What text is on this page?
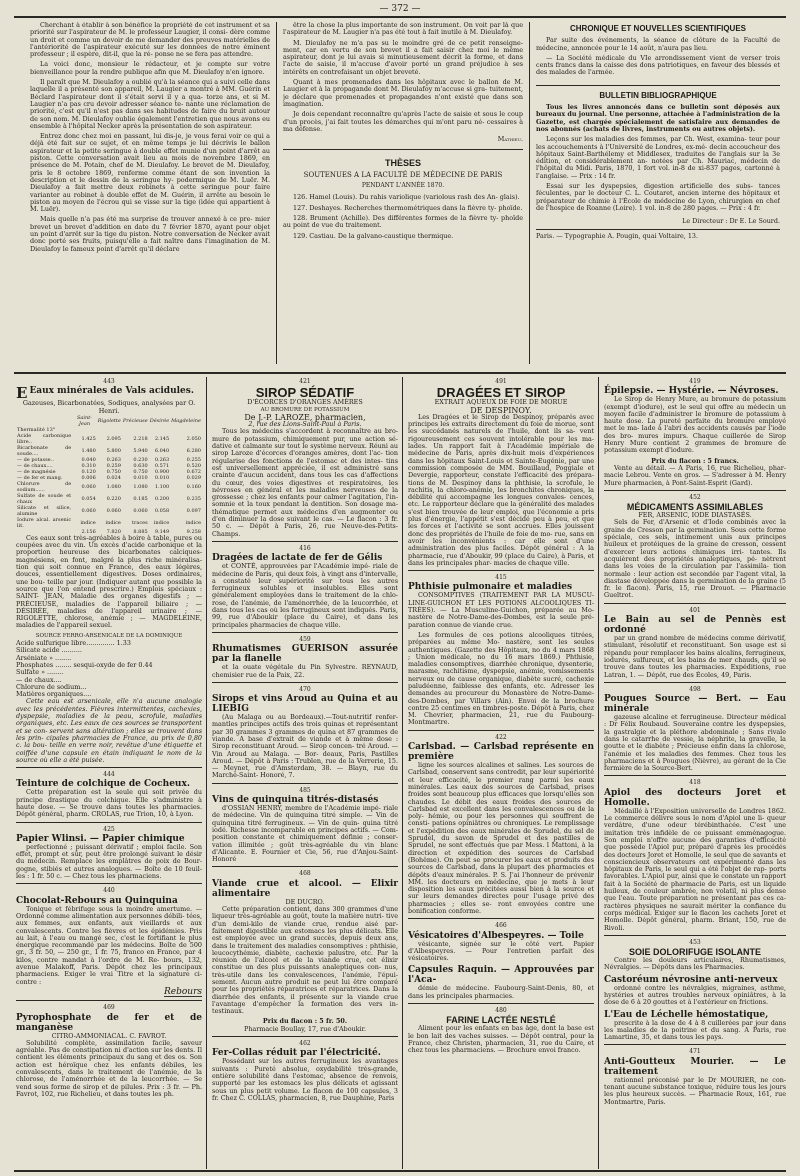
— 372 —

Cherchant à établir à son bénéfice la propriété de cet instrument et sa priorité sur l'aspirateur de M. le professeur Laugier, il consi- dère comme un droit et comme un devoir de me demander des preuves matérielles de l'antériorité de l'aspirateur exécuté sur les données de notre éminent professeur ; il espère, dit-il, que la ré- ponse ne se fera pas attendre.

La voici donc, monsieur le rédacteur, et je compte sur votre bienveillance pour la rendre publique afin que M. Dieulafoy n'en ignore.

Il paraît que M. Dieulafoy a oublié qu'à la séance qui a suivi celle dans laquelle il a présenté son appareil, M. Laugier a montré à MM. Guérin et Béclard l'aspirateur dont il s'était servi il y a qua- torze ans, et si M. Laugier n'a pas cru devoir adresser séance te- nante une réclamation de priorité, c'est qu'il n'est pas dans ses habitudes de faire du bruit autour de son nom. M. Dieulafoy oublie également l'entretien que nous avons eu ensemble à l'hôpital Necker après la présentation de son aspirateur.

Entrez donc chez moi en passant, lui dis-je, je vous ferai voir ce qui a déjà été fait sur ce sujet, et en même temps je lui décrivis le ballon aspirateur et la petite seringue à double effet munie d'un point d'arrêt au piston. Cette conversation avait lieu au mois de novembre 1869, en présence de M. Potain, chef de M. Dieulafoy. Le brevet de M. Dieulafoy, pris le 8 octobre 1869, renferme comme étant de son invention la description et le dessin de la seringue hy- podermique de M. Luër. M. Dieulafoy a fait mettre deux robinets à cette seringue pour faire varianter au robinet à double effet de M. Guérin, il arrête au besoin le piston au moyen de l'écrou qui se visse sur la tige (idée qui appartient à M. Luër).

Mais quelle n'a pas été ma surprise de trouver annexé à ce pre- mier brevet un brevet d'addition en date du 7 février 1870, ayant pour objet un point d'arrêt sur la tige du piston. Notre conversation de Necker avait donc porté ses fruits, puisqu'elle a fait naître dans l'imagination de M. Dieulafoy le fameux point d'arrêt qu'il déclare

être la chose la plus importante de son instrument. On voit par là que l'aspirateur de M. Laugier n'a pas été tout à fait inutile à M. Dieulafoy.

M. Dieulafoy ne m'a pas su le moindre gré de ce petit renseigne- ment, car en vertu de son brevet il a fait saisir chez moi le même aspirateur, dont je lui avais si minutieusement décrit la forme, et dans l'acte de saisie, il m'accuse d'avoir porté un grand préjudice à ses intérêts en contrefaisant un objet breveté.

Quant à mes promenades dans les hôpitaux avec le ballon de M. Laugier et à la propagande dont M. Dieulafoy m'accuse si gra- tuitement, je déclare que promenades et propagandes n'ont existé que dans son imagination.

Je dois cependant reconnaître qu'après l'acte de saisie et sous le coup d'un procès, j'ai fait toutes les démarches qui m'ont paru né- cessaires à ma défense.

Mathieu.
THÈSES
SOUTENUES A LA FACULTÉ DE MÉDECINE DE PARIS
PENDANT L'ANNÉE 1870.

126. Hamel (Louis). Du rahis variolique (variolous rash des An- glais).

127. Deshayes. Recherches thermométriques dans la fièvre ty- phoïde.

128. Brument (Achille). Des différentes formes de la fièvre ty- phoïde au point de vue du traitement.

129. Castiau. De la galvano-caustique thermique.

CHRONIQUE ET NOUVELLES SCIENTIFIQUES

Par suite des événements, la séance de clôture de la Faculté de médecine, annoncée pour le 14 août, n'aura pas lieu.

— La Société médicale du VIe arrondissement vient de verser trois cents francs dans la caisse des dons patriotiques, en faveur des blessés et des malades de l'armée.

BULLETIN BIBLIOGRAPHIQUE

Tous les livres annoncés dans ce bulletin sont déposés aux bureaux du journal. Une personne, attachée à l'administration de la Gazette, est chargée spécialement de satisfaire aux demandes de nos abonnés (achats de livres, instruments ou autres objets).

Leçons sur les maladies des femmes, par Ch. West, examina- teur pour les accouchements à l'Université de Londres, ex-mé- decin accoucheur des hôpitaux Saint-Barthélemy et Middlesex, traduites de l'anglais sur la 3e édition, et considérablement an- notées par Ch. Mauriac, médecin de l'hôpital du Midi. Paris, 1870, 1 fort vol. in-8 de xi-837 pages, cartonné à l'anglaise. — Prix : 14 fr.

Essai sur les dyspepsies, digestion artificielle des subs- tances féculentes, par le docteur C. L. Coutaret, ancien interne des hôpitaux et préparateur de chimie à l'École de médecine de Lyon, chirurgien en chef de l'hospice de Roanne (Loire). 1 vol. in-8 de 280 pages. — Prix : 4 fr.

Le Directeur : Dr E. Le Sourd.
Paris. — Typographie A. Pougin, quai Voltaire, 13.
443
E Eaux minérales de Vals acidules.
Gazeuses, Bicarbonatées, Sodiques, analysées par O. Henri.
	Saint-Jean	Rigolette	Précieuse	Désirée	Magdeleine
Thermalité 13°					
Acide carbonique libre..	1.425	2.095	2.218	2.145	2.050
Bicarbonate de soude....	1.480	5.800	5.940	6.040	6.280
— de potasse..	0.040	0.263	0.230	0.263	0.255
— de chaux....	0.310	0.259	0.630	0.571	0.520
— de magnésie	0.120	0.750	0.750	0.900	0.672
— de fer et mang.	0.006	0.024	0.010	0.010	0.029
Chlorure de sodium......	0.060	1.080	1.080	1.100	0.160
Sulfate de soude et chaux	0.054	0.220	0.185	0.200	0.235
Silicate et silice, alumine	0.060	0.060	0.060	0.058	0.097
Iodure alcal. arsenic lit.	indice	indice	traces	indice	indice
	2.156	7.820	8.885	9.149	9.258

Ces eaux sont très-agréables à boire à table, pures ou coupées avec du vin. Un excès d'acide carbonique et la proportion heureuse des bicarbonates calciques-magnésiens, en font, malgré la plus riche minéralisa- tion qui soit connue en France, des eaux légères, douces, essentiellement digestives. Doses ordinaires, une bou- teille par jour. (Indiquer autant que possible la source que l'on entend prescrire.) Emplois spéciaux : SAINT- JEAN, Maladie des organes digestifs ; — PRÉCIEUSE, maladies de l'appareil biliaire ; — DÉSIRÉE, maladies de l'appareil urinaire ; — RIGOLETTE, chlorose, anémie ; — MAGDELEINE, maladies de l'appareil sexuel.

SOURCE FERRO-ARSENICALE DE LA DOMINIQUE
Acide sulfurique libre.............. 1.33
Silicate acide ..........
Arséniate » ........
Phosphates ........ sesqui-oxyde de fer 0.44
Sulfate » ........
— de chaux....
Chlorure de sodium...
Matières organiques....

Cette eau est arsenicale, elle n'a aucune analogie avec les précédentes. Fièvres intermittentes, cachexies, dyspepsie, maladies de la peau, scrofule, maladies organiques, etc. Les eaux de ces sources se transportent et se con- servent sans altération ; elles se trouvent dans les prin- cipales pharmacies de France, au prix de 0,80 c. la bou- teille en verre noir, revêtue d'une étiquette et coiffée d'une capsule en étain indiquant le nom de la source où elle a été puisée.

444
Teinture de colchique de Cocheux.

Cette préparation est la seule qui soit privée du principe drastique du colchique. Elle s'administre à haute dose. — Se trouve dans toutes les pharmacies. Dépôt général, pharm. CROLAS, rue Trion, 10, à Lyon.

425
Papier Wlinsi. — Papier chimique

perfectionné ; puissant dérivatif ; emploi facile. Son effet, prompt et sûr, peut être prolongé suivant le désir du médecin. Remplace les emplâtres de poix de Bour- gogne, stibiés et autres analogues. — Boîte de 10 feuil- les : 1 fr. 50 c. — Chez tous les pharmaciens.

440
Chocolat-Rebours au Quinquina

Tonique et fébrifuge sous la moindre amertume. — Ordonné comme alimentation aux personnes débili- tées, aux femmes, aux enfants, aux vieillards et aux convalescents. Contre les fièvres et les épidémies. Pris au lait, à l'eau ou mangé sec, c'est le fortifiant le plus énergique recommandé par les médecins. Boîte de 500 gr., 3 fr. 50, — 250 gr., 1 fr. 75, franco en France, par 4 kilos, contre mandat à l'ordre de M. Re- bours, 132, avenue Malakoff, Paris. Dépôt chez les principaux pharmaciens. Exiger le vrai Titre et la signature ci-contre :

Rebours
469
Pyrophosphate de fer et de manganèse
CITRO-AMMONIACAL. C. FAVROT.

Solubilité complète, assimilation facile, saveur agréable. Pas de constipation ni d'action sur les dents. Il contient les éléments principaux du sang et des os. Son action est héroïque chez les enfants débiles, les convalescents, dans le traitement de l'anémie, de la chlorose, de l'aménorrhée et de la leucorrhée. — Se vend sous forme de sirop et de pilules. Prix : 3 fr. — Ph. Favrot, 102, rue Richelieu, et dans toutes les ph.

421
SIROP SÉDATIF
D'ÉCORCES D'ORANGES AMÈRES
AU BROMURE DE POTASSIUM
De J.-P. LAROZE, pharmacien,
2, rue des Lions-Saint-Paul à Paris.

Tous les médecins s'accordent à reconnaître au bro- mure de potassium, chimiquement pur, une action sé- dative et calmante sur tout le système nerveux. Réuni au sirop Laroze d'écorces d'oranges amères, dont l'ac- tion régularise des fonctions de l'estomac et des intes- tins est universellement appréciée, il est administré sans crainte d'aucun accident, dans tous les cas d'affections du cœur, des voies digestives et respiratoires, les névroses en général et les maladies nerveuses de la grossesse ; chez les enfants pour calmer l'agitation, l'in- somnie et la toux pendant la dentition. Son dosage ma- thématique permet aux médecins d'en augmenter ou d'en diminuer la dose suivant le cas. — Le flacon : 3 fr. 50 c. — Dépôt à Paris, 26, rue Neuve-des-Petits- Champs.

416
Dragées de lactate de fer de Gélis

et CONTÉ, approuvées par l'Académie impé- riale de médecine de Paris, qui deux fois, à vingt ans d'intervalle, a constaté leur supériorité sur tous les autres ferrugineux solubles et insolubles. Elles sont généralement employées dans le traitement de la chlo- rose, de l'anémie, de l'aménorrhée, de la leucorrhée, et dans tous les cas où les ferrugineux sont indiqués. Paris, 99, rue d'Aboukir (place du Caire), et dans les principales pharmacies de chaque ville.

459
Rhumatismes GUERISON assurée par la flanelle

et la ouate végétale du Pin Sylvestre. REYNAUD, chemisier rue de la Paix, 22.

470
Sirops et vins Aroud au Quina et au LIEBIG

(Au Malaga ou au Bordeaux).—Tout-nutritif renfer- mantles principes actifs des trois quinas et représentant par 30 grammes 3 grammes de quina et 87 grammes de viande. A base d'extrait de viande et à même dose : Sirop reconstituant Aroud. — Sirop concen- tré Aroud. — Vin Aroud au Malaga. — Bor- deaux, Paris, Pastilles Aroud. — Dépôt à Paris : Trublen, rue de la Verrerie, 15. — Meynet, rue d'Amsterdam, 38. — Blayn, rue du Marché-Saint- Honoré, 7.

485
Vins de quinquina titrés-distasés

d'OSSIAN HENRY, membre de l'Académie impé- riale de médecine. Vin de quinquina titré simple. — Vin de quinquina titré ferrugineux. — Vin de quin- quina titré iodé. Richesse incomparable en principes actifs. — Com- position constante et chimiquement définie ; conser- vation illimitée ; goût très-agréable du vin blanc d'Alicante. E. Fournier et Cie, 56, rue d'Anjou-Saint-Honoré

468
Viande crue et alcool. — Elixir alimentaire
DE DUCRO.

Cette préparation contient, dans 300 grammes d'une liqueur très-agréable au goût, toute la matière nutri- tive d'un demi-kilo de viande crue, rendue aisé par- faitement digestible aux estomacs les plus délicats. Elle est employée avec un grand succès, depuis deux ans, dans le traitement des maladies consomptives : phthisie, leucocythémie, diabète, cachexie palustre, etc. Par la réunion de l'alcool et de la viande crue, cet élixir constitue un des plus puissants analeptiques con- nus, très-utile dans les convalescences, l'anémie, l'épui- sement. Aucun autre produit ne peut lui être comparé pour les propriétés réparatrices et réparatrices. Dans la diarrhée des enfants, il présente sur la viande crue l'avantage d'empêcher la formation des vers in- testinaux.

Prix du flacon : 5 fr. 50.
Pharmacie Boullay, 17, rue d'Aboukir.
462
Fer-Collas réduit par l'électricité.

Possédant sur les autres ferrugineux les avantages suivants : Pureté absolue, oxydabilité très-grande, entière solubilité dans l'estomac, absence de renvois, supporté par les estomacs les plus délicats et agissant sous un plus petit volume. Le flacon de 100 capsules, 3 fr. Chez C. COLLAS, pharmacien, 8, rue Dauphine, Paris

491
DRAGÉES ET SIROP
EXTRAIT AQUEUX DE FOIE DE MORUE
DE DESPINOY.

Les Dragées et le Sirop de Despinoy, préparés avec principes les extraits directement du foie de morue, sont les succédanés naturels de l'huile, dont ils sa- vent rigoureusement ces souvent intolérable pour les ma- lades. Un rapport fait à l'Académie impériale de médecine de Paris, après dix-huit mois d'expériences dans les hôpitaux Saint-Louis et Sainte-Eugénie, par une commission composée de MM. Bouillaud, Poggiale et Devergie, rapporteur, constate l'efficacité des prépara- tions de M. Despinoy dans la phthisie, la scrofule, le rachitis, la chloro-anémie, les bronchites chroniques, la débilité qui accompagne les longues convales- cences, etc. Le rapporteur déclare que la généralité des malades s'est bien trouvée de leur emploi, que l'économie a pris plus d'énergie, l'appétit s'est décidé peu à peu, et que les forces et l'activité se sont accrues. Elles jouissent donc des propriétés de l'huile de foie de mo- rue, sans en avoir les inconvénients : car elle sont d'une administration des plus faciles. Dépôt général : A la pharmacie, rue d'Aboukir, 99 (place du Caire), à Paris, et dans les principales phar- macies de chaque ville.

415
Phthisie pulmonaire et maladies

CONSOMPTIVES (TRAITEMENT PAR LA MUSCU- LINE-GUICHON ET LES POTIONS ALCOOLIQUES TI- TRÉES). — La Musculine-Guichon, préparée au Mo- nastère de Notre-Dame-des-Dombes, est la seule pré- paration connue de viande crue.

Les formules de ces potions alcooliques titrées, préparées au même Mo- nastère, sont les seules authentiques. (Gazette des Hôpitaux, no du 4 mars 1868 ; Union médicale, no du 16 mars 1869.) Phthisie, maladies consomptives, diarrhée chronique, dysenterie, marasme, rachitisme, dyspepsie, anémie, vomissements nerveux ou de cause organique, diabète sucré, cachexie paludéenne, faiblesse des enfants, etc. Adresser les demandes au procureur du Monastère de Notre-Dame-des-Dombes, par Villars (Ain). Envoi de la brochure contre 25 centimes en timbres-poste. Dépôt à Paris, chez M. Chevrier, pharmacien, 21, rue du Faubourg-Montmartre.

422
Carlsbad. — Carlsbad représente en première

ligne les sources alcalines et salines. Les sources de Carlsbad, conservent sans contredit, par leur supériorité et leur efficacité, le premier rang parmi les eaux minérales. Les eaux des sources de Carlsbad, prises froides sont beaucoup plus efficaces que lorsqu'elles son chaudes. Le débit des eaux froides des sources de Carlsbad est excellent dans les convalescences ou de la poly- hémie, ou pour les personnes qui souffrent de consti- pations opiniâtres ou chroniques. Le remplissage et l'expédition des eaux minérales de Sprudel, du sel de Sprudel, du savon de Sprudel et des pastilles de Sprudel, ne sont effectués que par Mess. l Mattoni, à la direction et expédition des sources de Carlsbad (Bohême). On peut se procurer les eaux et produits des sources de Carlsbad, dans la plupart des pharmacies et dépôts d'eaux minérales. P. S. J'ai l'honneur de prévenir MM. les docteurs en médecine, que je mets à leur disposition les eaux précitées aussi bien à la source et sur leurs demandes directes pour l'usage privé des pharmacies ; elles se- ront envoyées contre une bonification conforme.

466
Vésicatoires d'Albespeyres. — Toile

vésicante, signée sur le côté vert. Papier d'Albespeyres. — Pour l'entretien parfait des vésicatoires.

Capsules Raquin. — Approuvées par l'Aca-

démie de médecine. Faubourg-Saint-Denis, 80, et dans les principales pharmacies.

480
FARINE LACTÉE NESTLÉ

Aliment pour les enfants en bas âge, dont la base est le bon lait des vaches suisses. — Dépôt central, pour la France, chez Christen, pharmacien, 31, rue du Caire, et chez tous les pharmaciens. — Brochure envoi franco.

419
Épilepsie. — Hystérie. — Névroses.

Le Sirop de Henry Mure, au bromure de potassium (exempt d'iodure), est le seul qui offre au médecin un moyen facile d'administrer le bromure de potassium à haute dose. La pureté parfaite du bromure employé met le ma- lade à l'abri des accidents causés par l'iode des bro- mures impurs. Chaque cuillerée de Sirop Henry Mure contient 2 grammes de bromure de potassium exempt d'iodure.

Prix du flacon : 5 francs.

Vente au détail. — A Paris, 16, rue Richelieu, phar- macie Lebrou. Vente en gros. — S'adresser à M. Henry Mure pharmacien, à Pont-Saint-Esprit (Gard).

452
MÉDICAMENTS ASSIMILABLES
FER, ARSENIC, IODE DIASTASÉS.

Sels de Fer, d'Arsenic et d'Iode combinés avec la graine de Cresson par la germination. Sous cette forme spéciale, ces sels, intimement unis aux principes huileux et protéiques de la graine de cresson, cessent d'exercer leurs actions chimiques irri- tantes. Ils acquièrent des propriétés analeptiques, pé- nètrent dans les voies de la circulation par l'assimila- tion normale : leur action est secondée par l'agent vital, la diastase développée dans la germination de la graine (5 fr. le flacon). Paris, 15, rue Drouot. — Pharmacie Gueltrot.

401
Le Bain au sel de Pennès est ordonné

par un grand nombre de médecins comme dérivatif, stimulant, résolutif et reconstituant. Son usage est si répandu pour remplacer les bains alcalins, ferrugineux, iodurés, sulfureux, et les bains de mer chauds, qu'il se trouve dans toutes les pharmacies. Expéditions, rue Latran, 1. — Dépôt, rue des Écoles, 49, Paris.

498
Pougues Source — Bert. — Eau minérale

gazeuse alcaline et ferrugineuse. Directeur médical : Dr Félix Roubaud. Souveraine contre les dyspepsies, la gastralgie et la pléthore abdominale ; Sans rivale dans le catarrhe de vessie, la néphrite, la gravelle, la goutte et le diabète ; Précieuse enfin dans la chlorose, l'anémie et les maladies des femmes. Chez tous les pharmaciens et à Pougues (Nièvre), au gérant de la Cie fermière de la Source-Bert.

418
Apiol des docteurs Joret et Homolle.

Médaillé à l'Exposition universelle de Londres 1862. Le commerce délivre sous le nom d'Apiol une li- queur verdâtre, d'une odeur térébinthacée. C'est une imitation très infidèle de ce puissant emménagogue. Son emploi n'offre aucune des garanties d'efficacité que possède l'Apiol pur, préparé d'après les procédés des docteurs Joret et Homolle, le seul que de savants et consciencieux observateurs ont expérimenté dans les hôpitaux de Paris, le seul qui a été l'objet de rap- ports favorables. L'Apiol pur, ainsi que le constate un rapport fait à la Société de pharmacie de Paris, est un liquide huileux, de couleur ambrée, non volatil, ni plus dense que l'eau. Toute préparation ne présentant pas ces ca- ractères physiques ne saurait mériter la confiance du corps médical. Exiger sur le flacon les cachets Joret et Homolle. Dépôt général, pharm. Briant, 150, rue de Rivoli.

453
SOIE DOLORIFUGE ISOLANTE

Contre les douleurs articulaires, Rhumatismes, Névralgies. — Dépôts dans les Pharmacies.

Castoréum névrosine anti-nerveux

ordonné contre les névralgies, migraines, asthme, hystéries et autres troubles nerveux opiniâtres, à la dose de 6 à 20 gouttes et à l'extérieur en frictions.

L'Eau de Léchelle hémostatique,

prescrite à la dose de 4 à 8 cuillerées par jour dans les maladies de la poitrine et du sang. A Paris, rue Lamartine, 35, et dans tous les pays.

471
Anti-Goutteux Mourier. — Le traitement

rationnel préconisé par le Dr MOURIER, ne con- tenant aucune substance toxique, réduire tous les jours les plus heureux succès. — Pharmacie Roux, 161, rue Montmartre, Paris.
